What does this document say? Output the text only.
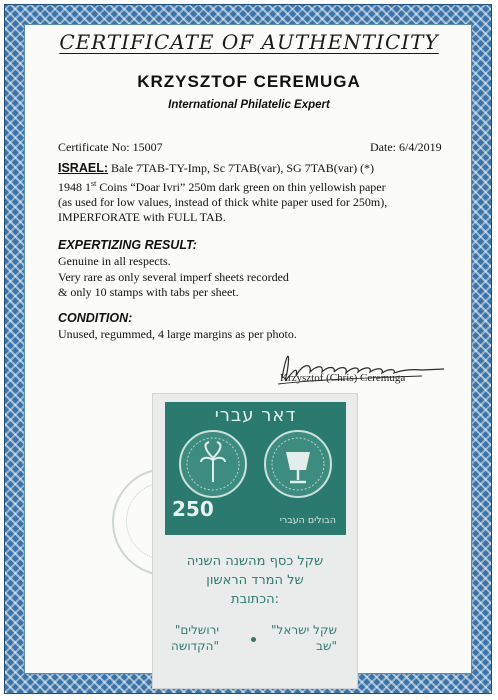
CERTIFICATE OF AUTHENTICITY
KRZYSZTOF CEREMUGA
International Philatelic Expert
Certificate No: 15007	Date: 6/4/2019
ISRAEL: Bale 7TAB-TY-Imp, Sc 7TAB(var), SG 7TAB(var) (*)
1948 1st Coins “Doar Ivri” 250m dark green on thin yellowish paper
(as used for low values, instead of thick white paper used for 250m),
IMPERFORATE with FULL TAB.
EXPERTIZING RESULT:
Genuine in all respects.
Very rare as only several imperf sheets recorded
& only 10 stamps with tabs per sheet.
CONDITION:
Unused, regummed, 4 large margins as per photo.
Krzysztof (Chris) Ceremuga
דאר עברי
250	הבולים העברי
שקל כסף מהשנה השניה
של המרד הראשון
הכתובת:
"שקל ישראל
שב"
"ירושלים
הקדושה"
